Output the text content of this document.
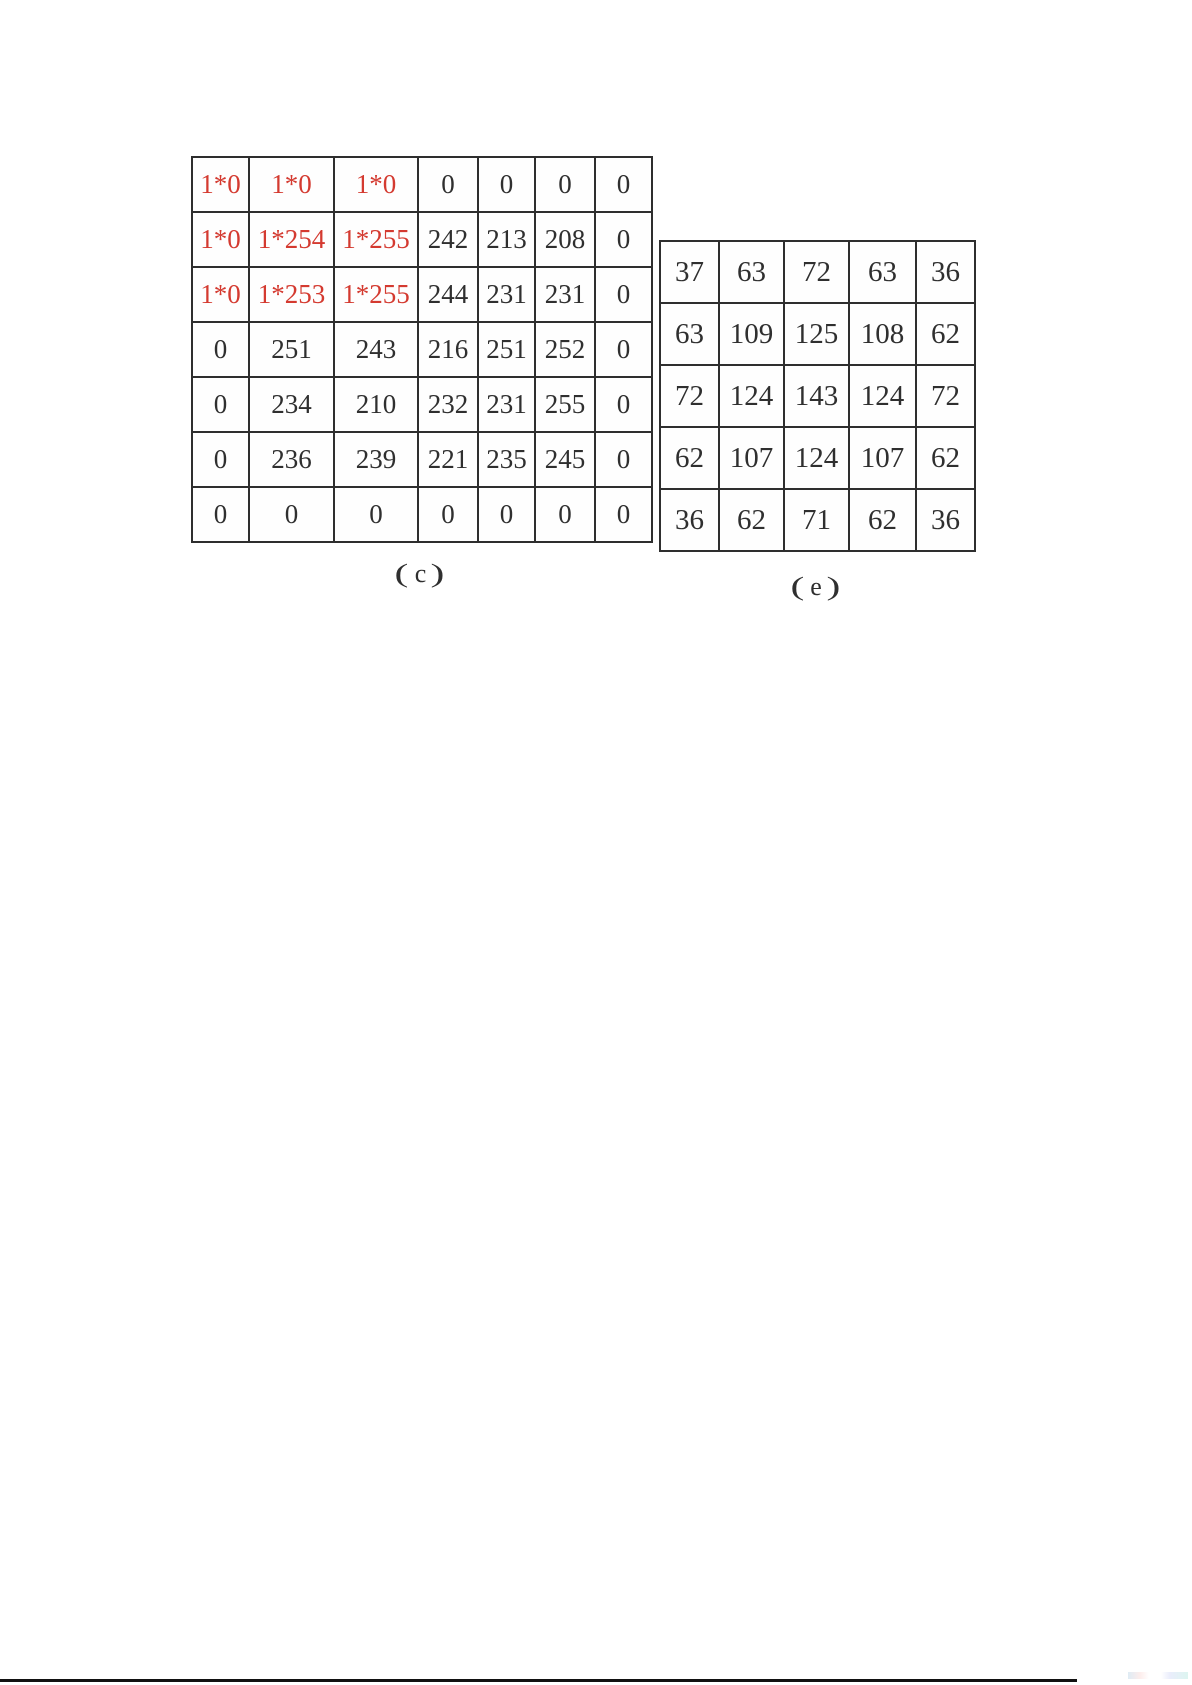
1*0	1*0	1*0	0	0	0	0
1*0	1*254	1*255	242	213	208	0
1*0	1*253	1*255	244	231	231	0
0	251	243	216	251	252	0
0	234	210	232	231	255	0
0	236	239	221	235	245	0
0	0	0	0	0	0	0
(c)
37	63	72	63	36
63	109	125	108	62
72	124	143	124	72
62	107	124	107	62
36	62	71	62	36
(e)
